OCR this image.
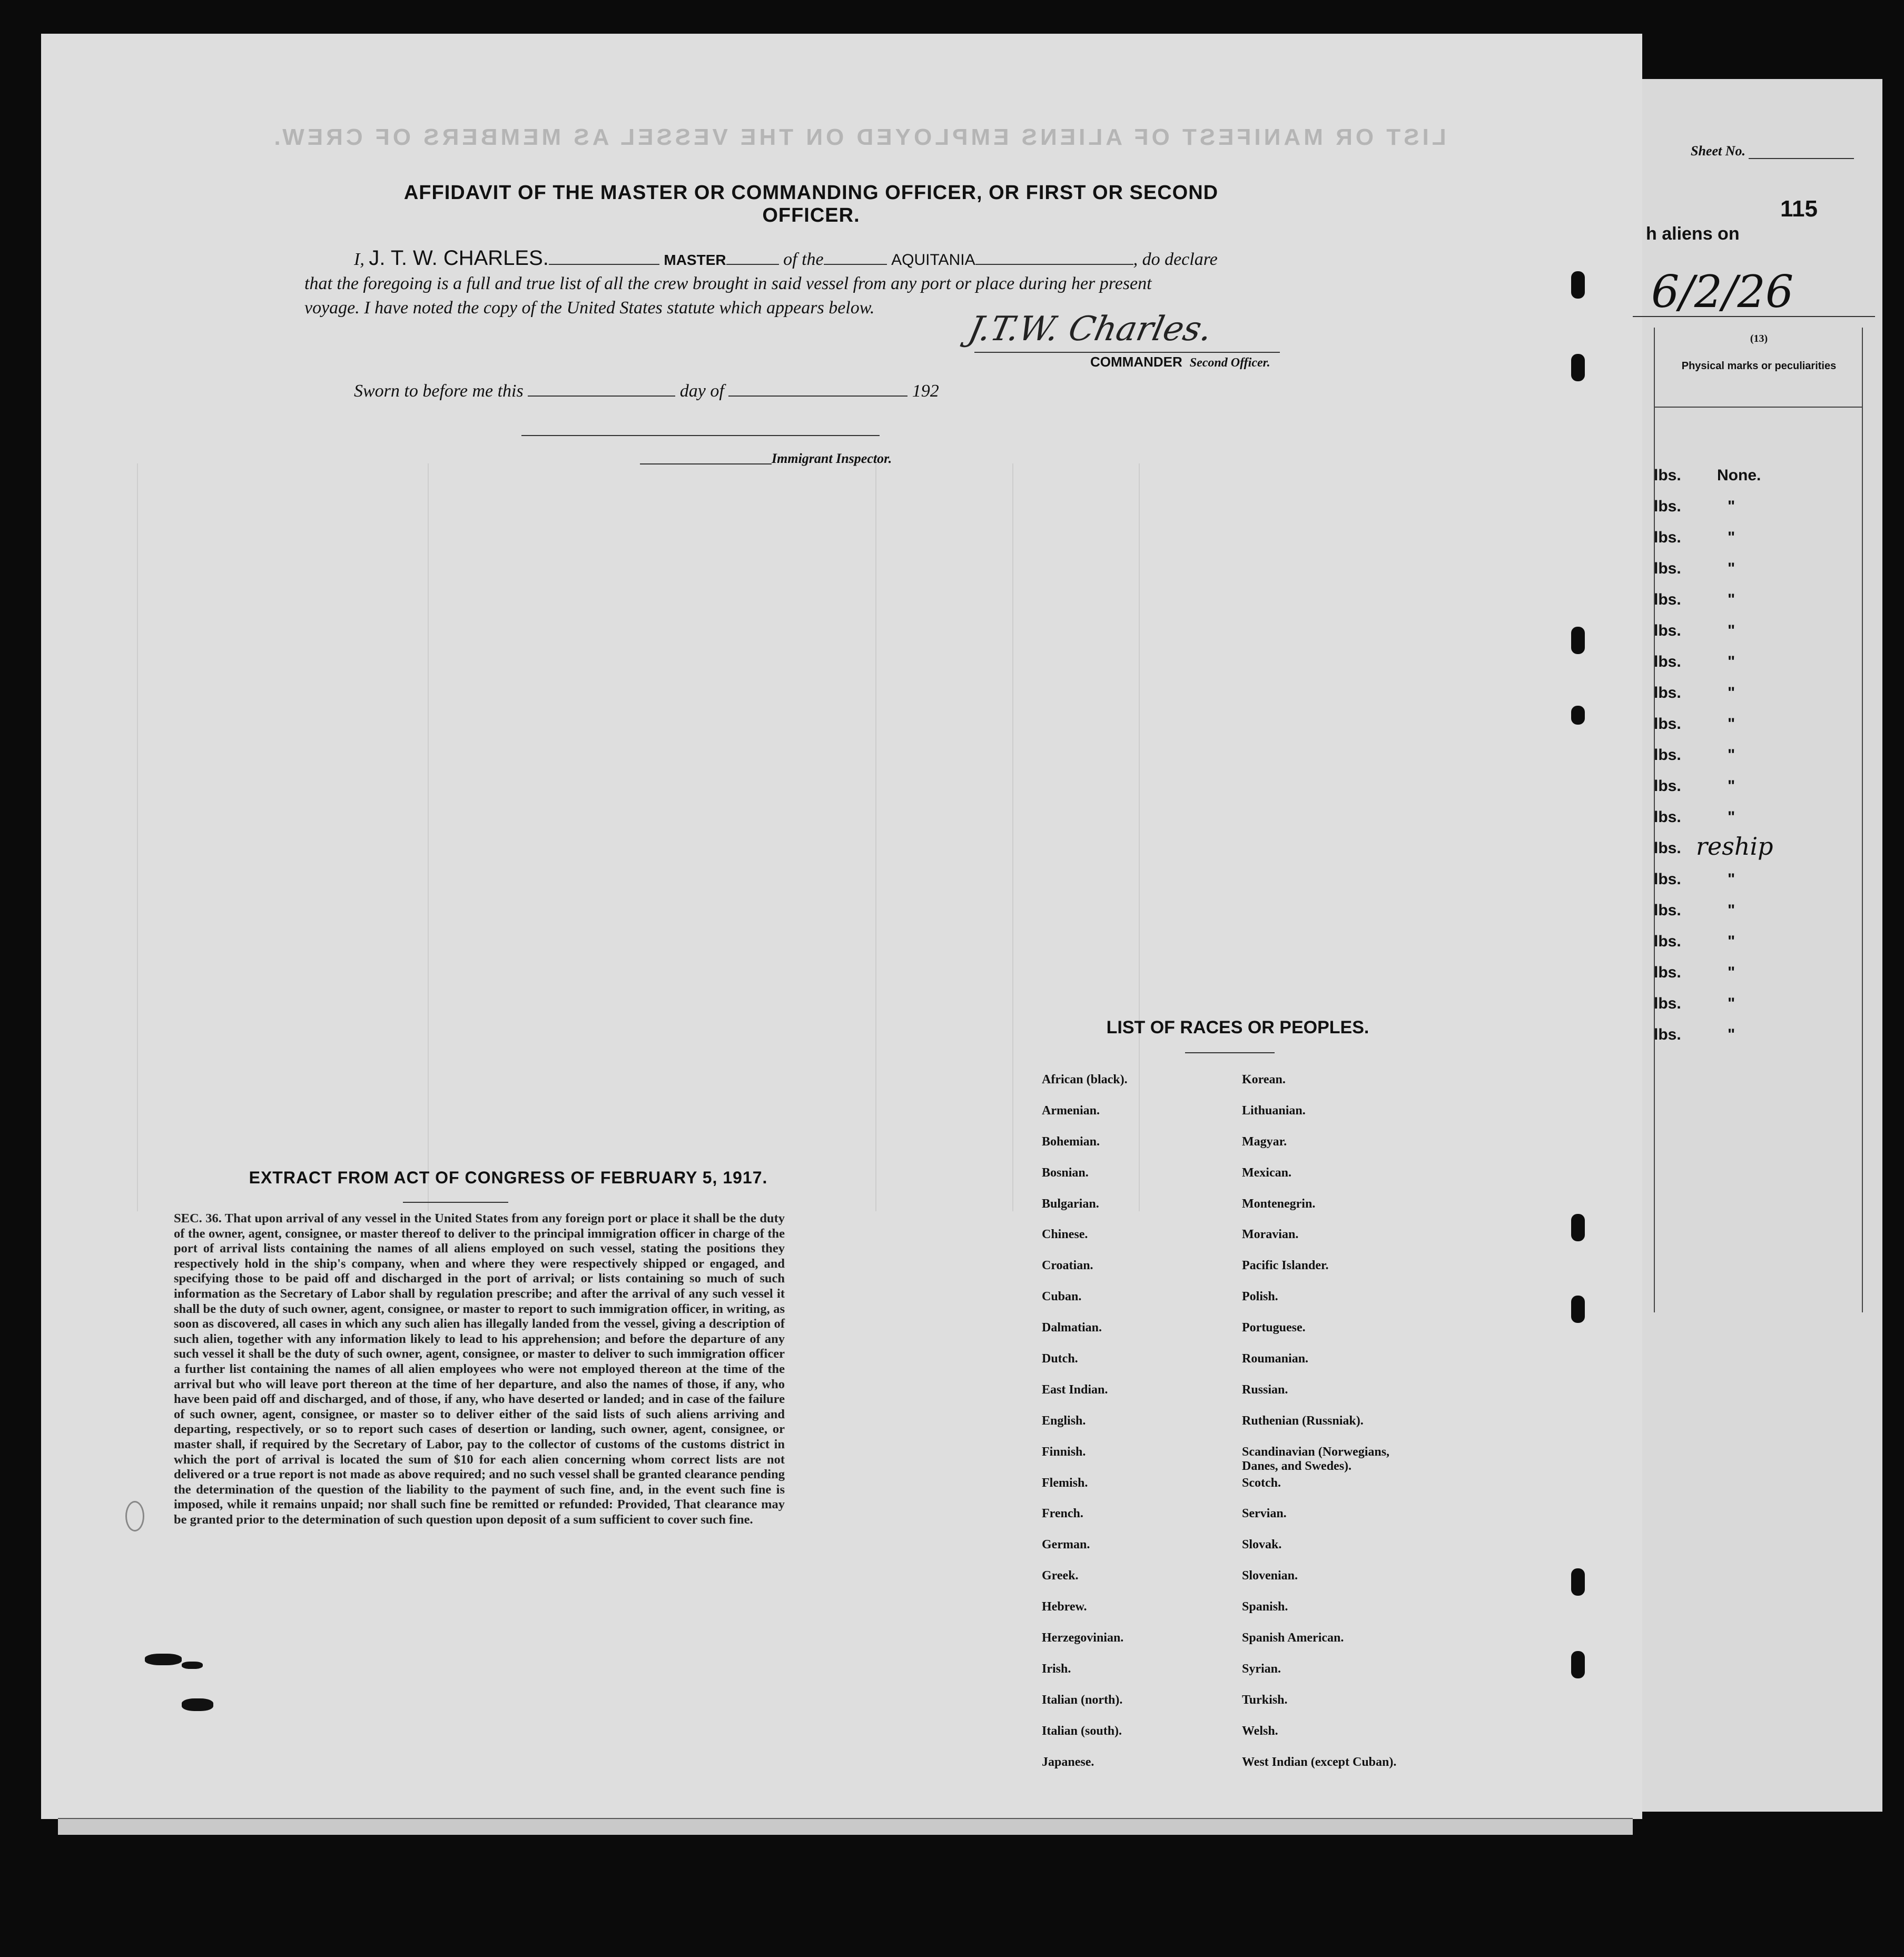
LIST OR MANIFEST OF ALIENS EMPLOYED ON THE VESSEL AS MEMBERS OF CREW.
AFFIDAVIT OF THE MASTER OR COMMANDING OFFICER, OR FIRST OR SECOND OFFICER.
I, J. T. W. CHARLES.	MASTER	of the	AQUITANIA	, do declare
that the foregoing is a full and true list of all the crew brought in said vessel from any port or place during her present
voyage. I have noted the copy of the United States statute which appears below.
J.T.W. Charles.
COMMANDER Second Officer.
Sworn to before me this	day of	192
Immigrant Inspector.
EXTRACT FROM ACT OF CONGRESS OF FEBRUARY 5, 1917.
SEC. 36. That upon arrival of any vessel in the United States from any foreign port or place it shall be the duty of the owner, agent, consignee, or master thereof to deliver to the principal immigration officer in charge of the port of arrival lists containing the names of all aliens employed on such vessel, stating the positions they respectively hold in the ship's company, when and where they were respectively shipped or engaged, and specifying those to be paid off and discharged in the port of arrival; or lists containing so much of such information as the Secretary of Labor shall by regulation prescribe; and after the arrival of any such vessel it shall be the duty of such owner, agent, consignee, or master to report to such immigration officer, in writing, as soon as discovered, all cases in which any such alien has illegally landed from the vessel, giving a description of such alien, together with any information likely to lead to his apprehension; and before the departure of any such vessel it shall be the duty of such owner, agent, consignee, or master to deliver to such immigration officer a further list containing the names of all alien employees who were not employed thereon at the time of the arrival but who will leave port thereon at the time of her departure, and also the names of those, if any, who have been paid off and discharged, and of those, if any, who have deserted or landed; and in case of the failure of such owner, agent, consignee, or master so to deliver either of the said lists of such aliens arriving and departing, respectively, or so to report such cases of desertion or landing, such owner, agent, consignee, or master shall, if required by the Secretary of Labor, pay to the collector of customs of the customs district in which the port of arrival is located the sum of $10 for each alien concerning whom correct lists are not delivered or a true report is not made as above required; and no such vessel shall be granted clearance pending the determination of the question of the liability to the payment of such fine, and, in the event such fine is imposed, while it remains unpaid; nor shall such fine be remitted or refunded: Provided, That clearance may be granted prior to the determination of such question upon deposit of a sum sufficient to cover such fine.
LIST OF RACES OR PEOPLES.
African (black).	Korean.
Armenian.	Lithuanian.
Bohemian.	Magyar.
Bosnian.	Mexican.
Bulgarian.	Montenegrin.
Chinese.	Moravian.
Croatian.	Pacific Islander.
Cuban.	Polish.
Dalmatian.	Portuguese.
Dutch.	Roumanian.
East Indian.	Russian.
English.	Ruthenian (Russniak).
Finnish.	Scandinavian (Norwegians, Danes, and Swedes).
Flemish.	Scotch.
French.	Servian.
German.	Slovak.
Greek.	Slovenian.
Hebrew.	Spanish.
Herzegovinian.	Spanish American.
Irish.	Syrian.
Italian (north).	Turkish.
Italian (south).	Welsh.
Japanese.	West Indian (except Cuban).
Sheet No.
115
h aliens on
6/2/26
(13)
Physical marks or peculiarities
lbs. None.
lbs.	"
lbs.	"
lbs.	"
lbs.	"
lbs.	"
lbs.	"
lbs.	"
lbs.	"
lbs.	"
lbs.	"
lbs.	"
lbs. reship
lbs.	"
lbs.	"
lbs.	"
lbs.	"
lbs.	"
lbs.	"
